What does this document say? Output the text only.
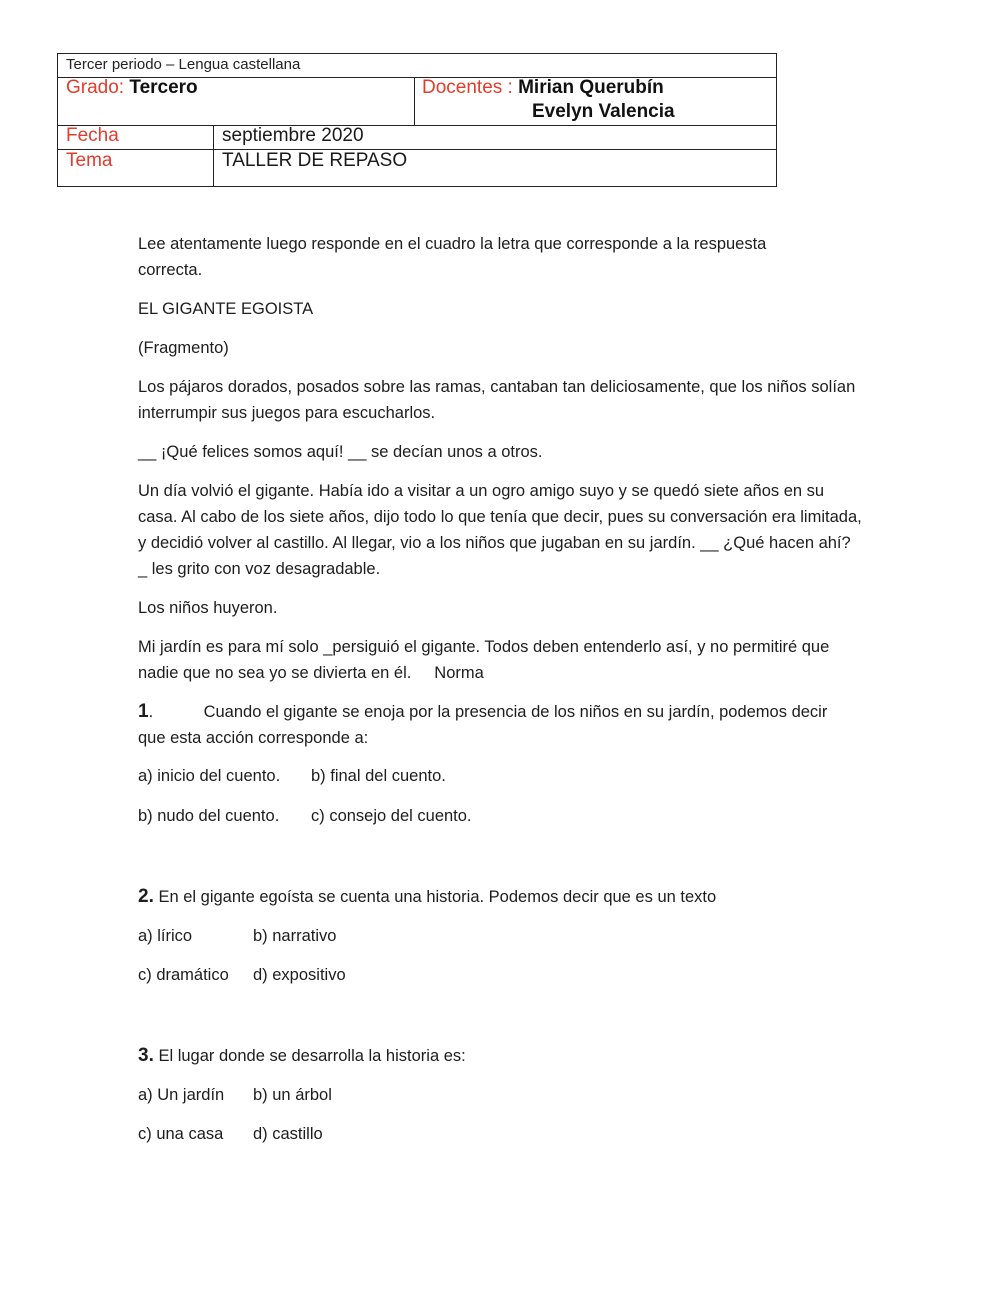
Tercer periodo – Lengua castellana
Grado: Tercero	Docentes : Mirian Querubín
Evelyn Valencia
Fecha	septiembre 2020
Tema	TALLER DE REPASO

Lee atentamente luego responde en el cuadro la letra que corresponde a la respuesta correcta.

EL GIGANTE EGOISTA

(Fragmento)

Los pájaros dorados, posados sobre las ramas, cantaban tan deliciosamente, que los niños solían interrumpir sus juegos para escucharlos.

__ ¡Qué felices somos aquí! __ se decían unos a otros.

Un día volvió el gigante. Había ido a visitar a un ogro amigo suyo y se quedó siete años en su casa. Al cabo de los siete años, dijo todo lo que tenía que decir, pues su conversación era limitada, y decidió volver al castillo. Al llegar, vio a los niños que jugaban en su jardín. __ ¿Qué hacen ahí? _ les grito con voz desagradable.

Los niños huyeron.

Mi jardín es para mí solo _persiguió el gigante. Todos deben entenderlo así, y no permitiré que nadie que no sea yo se divierta en él.     Norma

1.           Cuando el gigante se enoja por la presencia de los niños en su jardín, podemos decir que esta acción corresponde a:

a) inicio del cuento. b) final del cuento.

b) nudo del cuento. c) consejo del cuento.

2. En el gigante egoísta se cuenta una historia. Podemos decir que es un texto

a) lírico	b) narrativo

c) dramático d) expositivo

3. El lugar donde se desarrolla la historia es:

a) Un jardín b) un árbol

c) una casa d) castillo
